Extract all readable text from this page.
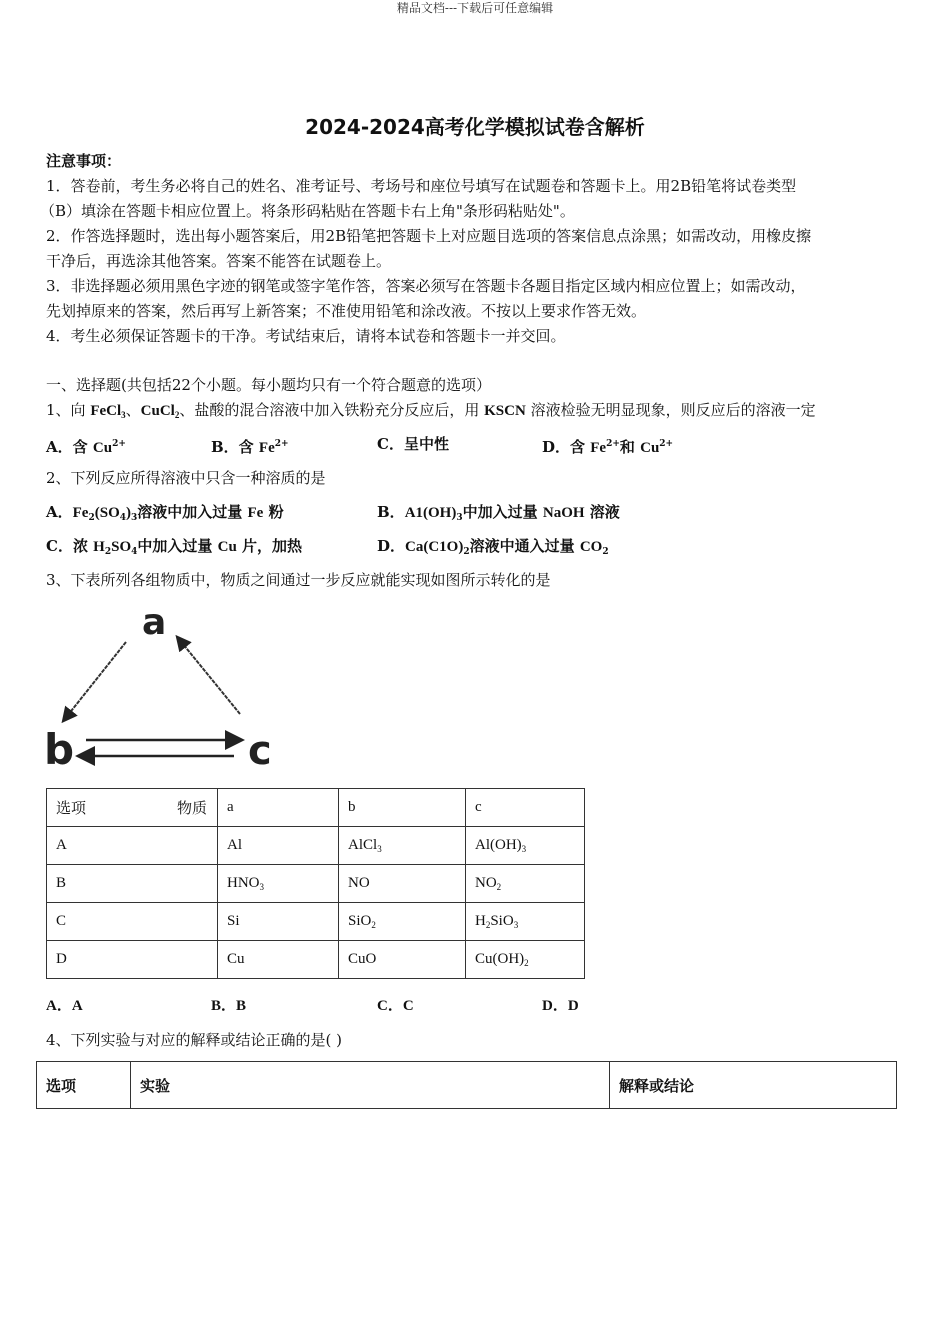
精品文档---下载后可任意编辑
2024-2024高考化学模拟试卷含解析
注意事项：
1．答卷前，考生务必将自己的姓名、准考证号、考场号和座位号填写在试题卷和答题卡上。用2B铅笔将试卷类型
（B）填涂在答题卡相应位置上。将条形码粘贴在答题卡右上角"条形码粘贴处"。
2．作答选择题时，选出每小题答案后，用2B铅笔把答题卡上对应题目选项的答案信息点涂黑；如需改动，用橡皮擦
干净后，再选涂其他答案。答案不能答在试题卷上。
3．非选择题必须用黑色字迹的钢笔或签字笔作答，答案必须写在答题卡各题目指定区域内相应位置上；如需改动，
先划掉原来的答案，然后再写上新答案；不准使用铅笔和涂改液。不按以上要求作答无效。
4．考生必须保证答题卡的干净。考试结束后，请将本试卷和答题卡一并交回。
一、选择题(共包括22个小题。每小题均只有一个符合题意的选项）
1、向 FeCl$_3$、CuCl$_2$、盐酸的混合溶液中加入铁粉充分反应后，用 KSCN 溶液检验无明显现象，则反应后的溶液一定
A．含 $Cu^{2+}$	B．含 $Fe^{2+}$	C．呈中性	D．含 $Fe^{2+}$和 $Cu^{2+}$
2、下列反应所得溶液中只含一种溶质的是
A．$Fe_2(SO_4)_3$溶液中加入过量 Fe 粉	B．$A1(OH)_3$中加入过量 NaOH 溶液
C．浓 $H_2SO_4$中加入过量 Cu 片，加热	D．$Ca(C1O)_2$溶液中通入过量 $CO_2$
3、下表所列各组物质中，物质之间通过一步反应就能实现如图所示转化的是
a
b	c
选项 物质	a	b	c
A	Al	AlCl$_3$	$Al(OH)_3$
B	$HNO_3$	NO	$NO_2$
C	Si	SiO$_2$	$H_2SiO_3$
D	Cu	CuO	$Cu(OH)_2$
A．A	B．B	C．C	D．D
4、下列实验与对应的解释或结论正确的是( )
选项	实验	解释或结论
